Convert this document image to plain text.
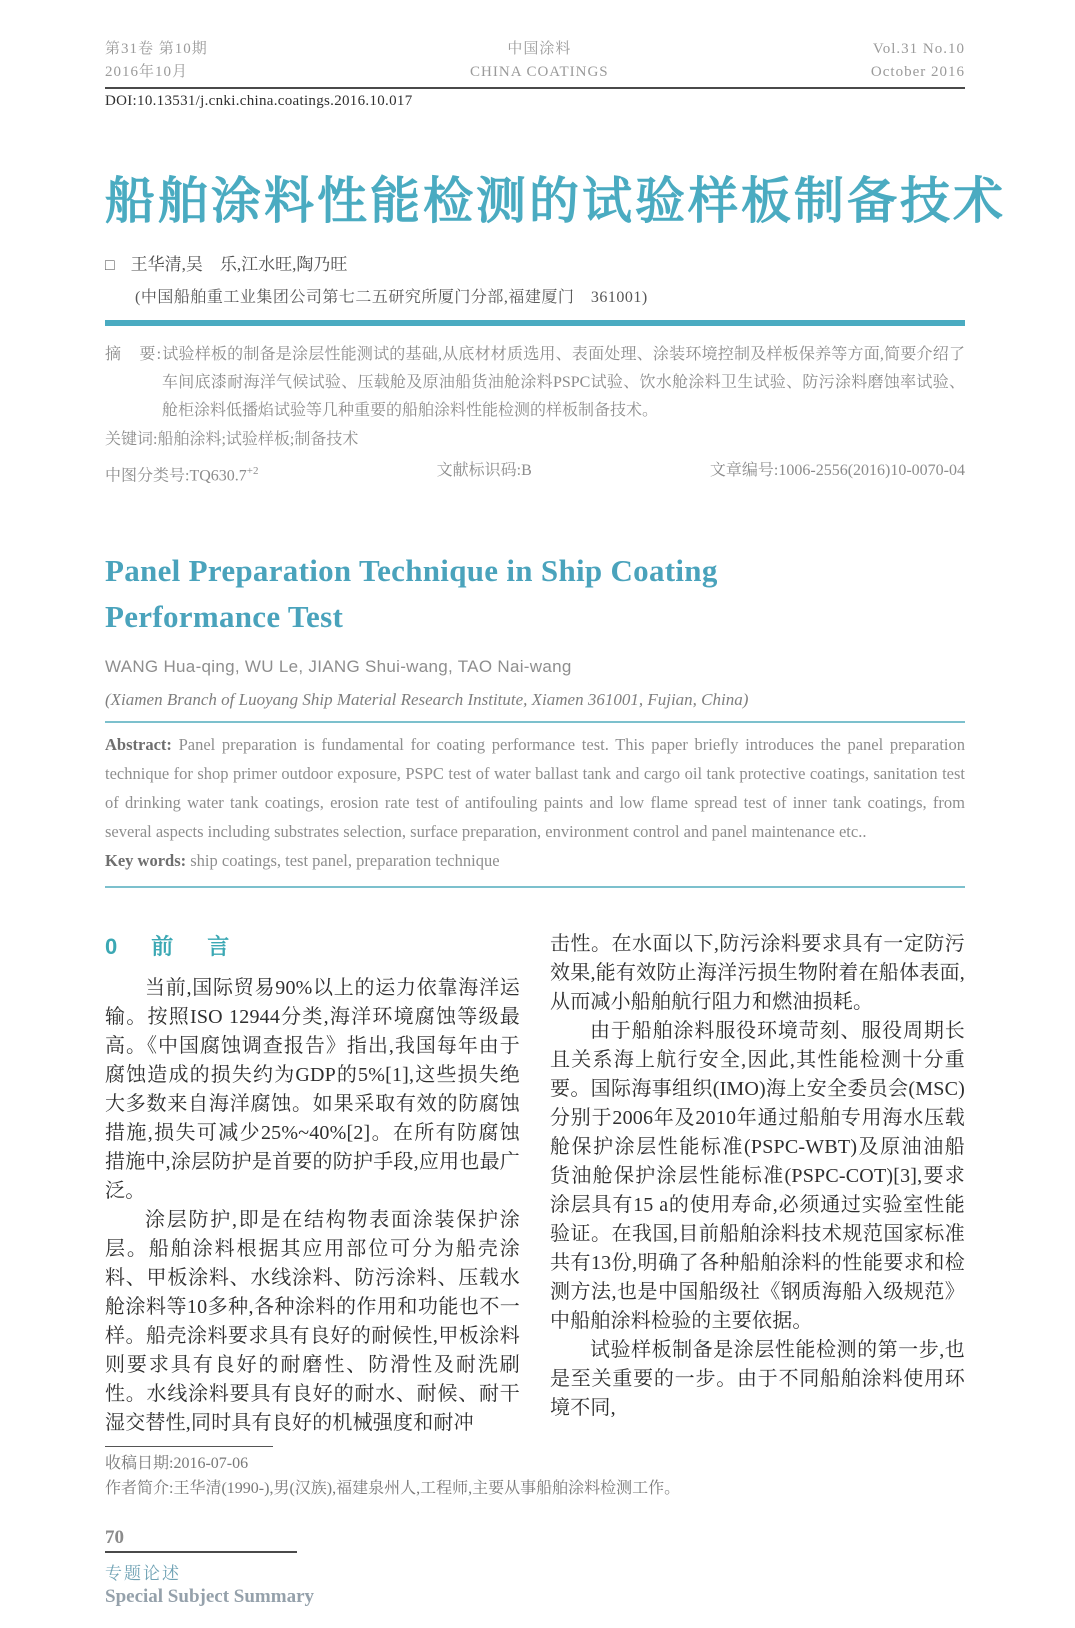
第31卷 第10期
2016年10月
中国涂料
CHINA COATINGS
Vol.31 No.10
October 2016
DOI:10.13531/j.cnki.china.coatings.2016.10.017
船舶涂料性能检测的试验样板制备技术
□ 王华清,吴　乐,江水旺,陶乃旺
(中国船舶重工业集团公司第七二五研究所厦门分部,福建厦门　361001)

摘　要:试验样板的制备是涂层性能测试的基础,从底材材质选用、表面处理、涂装环境控制及样板保养等方面,简要介绍了车间底漆耐海洋气候试验、压载舱及原油船货油舱涂料PSPC试验、饮水舱涂料卫生试验、防污涂料磨蚀率试验、舱柜涂料低播焰试验等几种重要的船舶涂料性能检测的样板制备技术。

关键词:船舶涂料;试验样板;制备技术

中图分类号$:TQ630.7^{+2}$	文献标识码:B	文章编号:1006-2556(2016)10-0070-04
Panel Preparation Technique in Ship Coating
Performance Test
WANG Hua-qing, WU Le, JIANG Shui-wang, TAO Nai-wang
(Xiamen Branch of Luoyang Ship Material Research Institute, Xiamen 361001, Fujian, China)

Abstract: Panel preparation is fundamental for coating performance test. This paper briefly introduces the panel preparation technique for shop primer outdoor exposure, PSPC test of water ballast tank and cargo oil tank protective coatings, sanitation test of drinking water tank coatings, erosion rate test of antifouling paints and low flame spread test of inner tank coatings, from several aspects including substrates selection, surface preparation, environment control and panel maintenance etc..

Key words: ship coatings, test panel, preparation technique

0　前　言

当前,国际贸易90%以上的运力依靠海洋运输。按照ISO 12944分类,海洋环境腐蚀等级最高。《中国腐蚀调查报告》指出,我国每年由于腐蚀造成的损失约为GDP的5%[1],这些损失绝大多数来自海洋腐蚀。如果采取有效的防腐蚀措施,损失可减少25%~40%[2]。在所有防腐蚀措施中,涂层防护是首要的防护手段,应用也最广泛。

涂层防护,即是在结构物表面涂装保护涂层。船舶涂料根据其应用部位可分为船壳涂料、甲板涂料、水线涂料、防污涂料、压载水舱涂料等10多种,各种涂料的作用和功能也不一样。船壳涂料要求具有良好的耐候性,甲板涂料则要求具有良好的耐磨性、防滑性及耐洗刷性。水线涂料要具有良好的耐水、耐候、耐干湿交替性,同时具有良好的机械强度和耐冲

击性。在水面以下,防污涂料要求具有一定防污效果,能有效防止海洋污损生物附着在船体表面,从而减小船舶航行阻力和燃油损耗。

由于船舶涂料服役环境苛刻、服役周期长且关系海上航行安全,因此,其性能检测十分重要。国际海事组织(IMO)海上安全委员会(MSC)分别于2006年及2010年通过船舶专用海水压载舱保护涂层性能标准(PSPC-WBT)及原油油船货油舱保护涂层性能标准(PSPC-COT)[3],要求涂层具有15 a的使用寿命,必须通过实验室性能验证。在我国,目前船舶涂料技术规范国家标准共有13份,明确了各种船舶涂料的性能要求和检测方法,也是中国船级社《钢质海船入级规范》中船舶涂料检验的主要依据。

试验样板制备是涂层性能检测的第一步,也是至关重要的一步。由于不同船舶涂料使用环境不同,

收稿日期:2016-07-06
作者简介:王华清(1990-),男(汉族),福建泉州人,工程师,主要从事船舶涂料检测工作。
70
专题论述
Special Subject Summary
